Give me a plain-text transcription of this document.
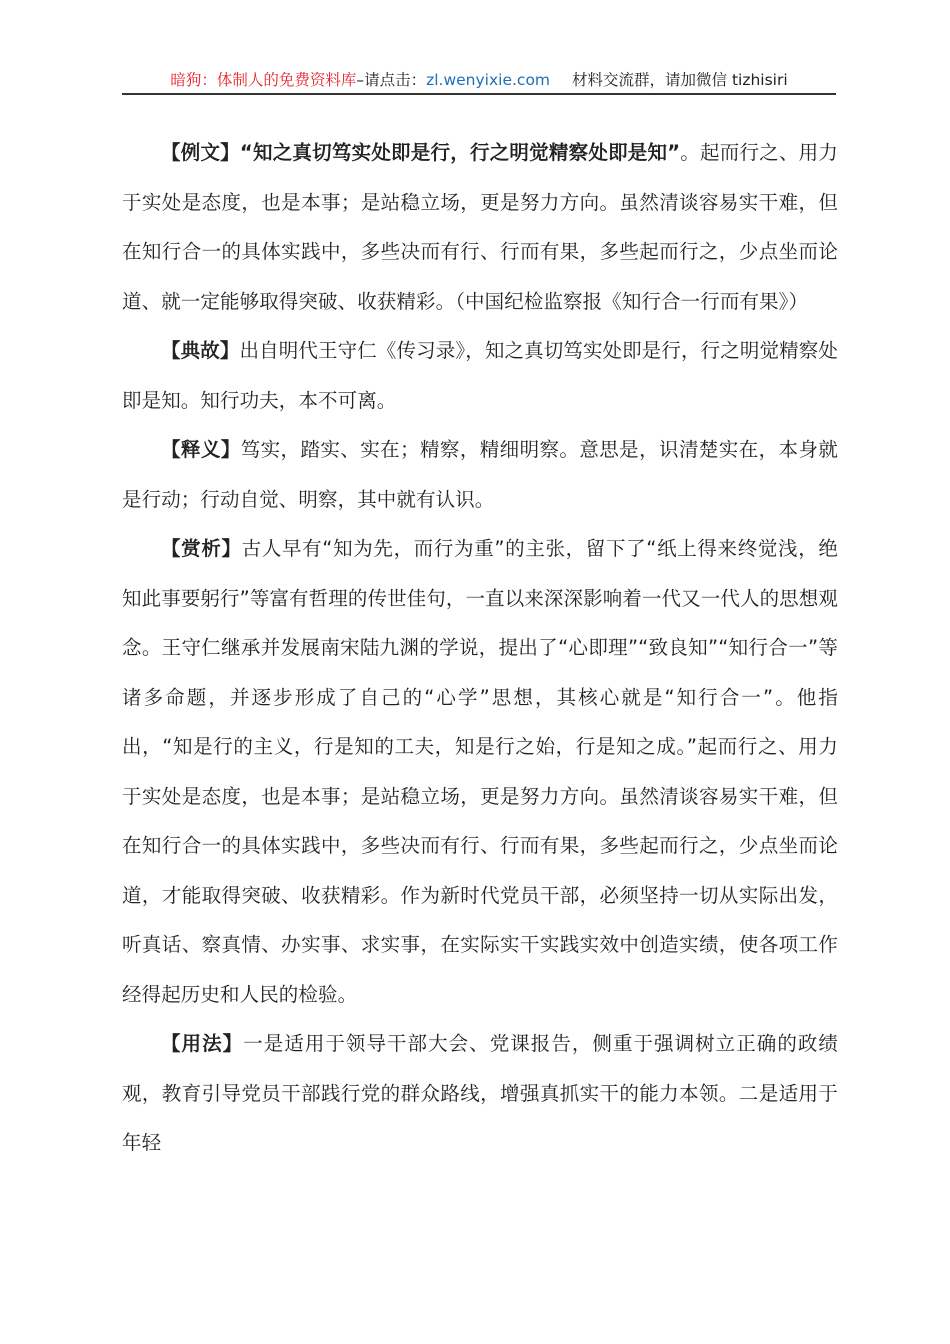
暗狗：体制人的免费资料库–请点击：zl.wenyixie.com 材料交流群，请加微信 tizhisiri

【例文】“知之真切笃实处即是行，行之明觉精察处即是知”。起而行之、用力于实处是态度，也是本事；是站稳立场，更是努力方向。虽然清谈容易实干难，但在知行合一的具体实践中，多些决而有行、行而有果，多些起而行之，少点坐而论道、就一定能够取得突破、收获精彩。（中国纪检监察报《知行合一行而有果》）

【典故】出自明代王守仁《传习录》，知之真切笃实处即是行，行之明觉精察处即是知。知行功夫，本不可离。

【释义】笃实，踏实、实在；精察，精细明察。意思是，识清楚实在，本身就是行动；行动自觉、明察，其中就有认识。

【赏析】古人早有“知为先，而行为重”的主张，留下了“纸上得来终觉浅，绝知此事要躬行”等富有哲理的传世佳句，一直以来深深影响着一代又一代人的思想观念。王守仁继承并发展南宋陆九渊的学说，提出了“心即理”“致良知”“知行合一”等诸多命题，并逐步形成了自己的“心学”思想，其核心就是“知行合一”。他指出，“知是行的主义，行是知的工夫，知是行之始，行是知之成。”起而行之、用力于实处是态度，也是本事；是站稳立场，更是努力方向。虽然清谈容易实干难，但在知行合一的具体实践中，多些决而有行、行而有果，多些起而行之，少点坐而论道，才能取得突破、收获精彩。作为新时代党员干部，必须坚持一切从实际出发，听真话、察真情、办实事、求实事，在实际实干实践实效中创造实绩，使各项工作经得起历史和人民的检验。

【用法】一是适用于领导干部大会、党课报告，侧重于强调树立正确的政绩观，教育引导党员干部践行党的群众路线，增强真抓实干的能力本领。二是适用于年轻
